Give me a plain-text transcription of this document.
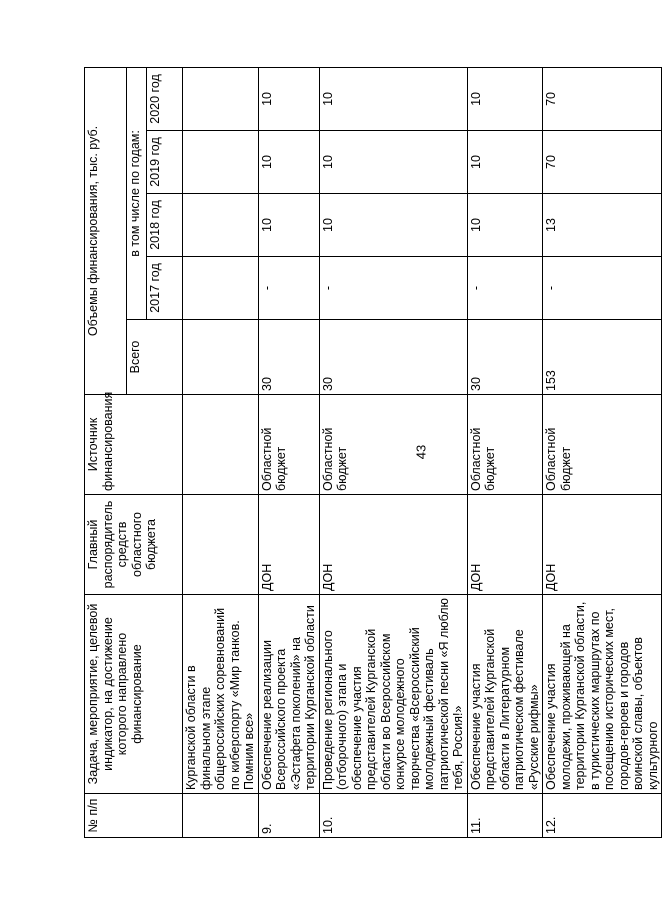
43
№ п/п	Задача, мероприятие, целевой индикатор, на достижение которого направлено финансирование	Главный распорядитель средств областного бюджета	Источник финансирования	Объемы финансирования, тыс. руб.				
				Всего	в том числе по годам:			
					2017 год	2018 год	2019 год	2020 год
	Курганской области в финальном этапе общероссийских соревнований по киберспорту «Мир танков. Помним все»							
9.	Обеспечение реализации Всероссийского проекта «Эстафета поколений» на территории Курганской области	ДОН	Областной бюджет	30	-	10	10	10
10.	Проведение регионального (отборочного) этапа и обеспечение участия представителей Курганской области во Всероссийском конкурсе молодежного творчества «Всероссийский молодежный фестиваль патриотической песни «Я люблю тебя, Россия!»	ДОН	Областной бюджет	30	-	10	10	10
11.	Обеспечение участия представителей Курганской области в Литературном патриотическом фестивале «Русские рифмы»	ДОН	Областной бюджет	30	-	10	10	10
12.	Обеспечение участия молодежи, проживающей на территории Курганской области, в туристических маршрутах по посещению исторических мест, городов-героев и городов воинской славы, объектов культурного	ДОН	Областной бюджет	153	-	13	70	70
